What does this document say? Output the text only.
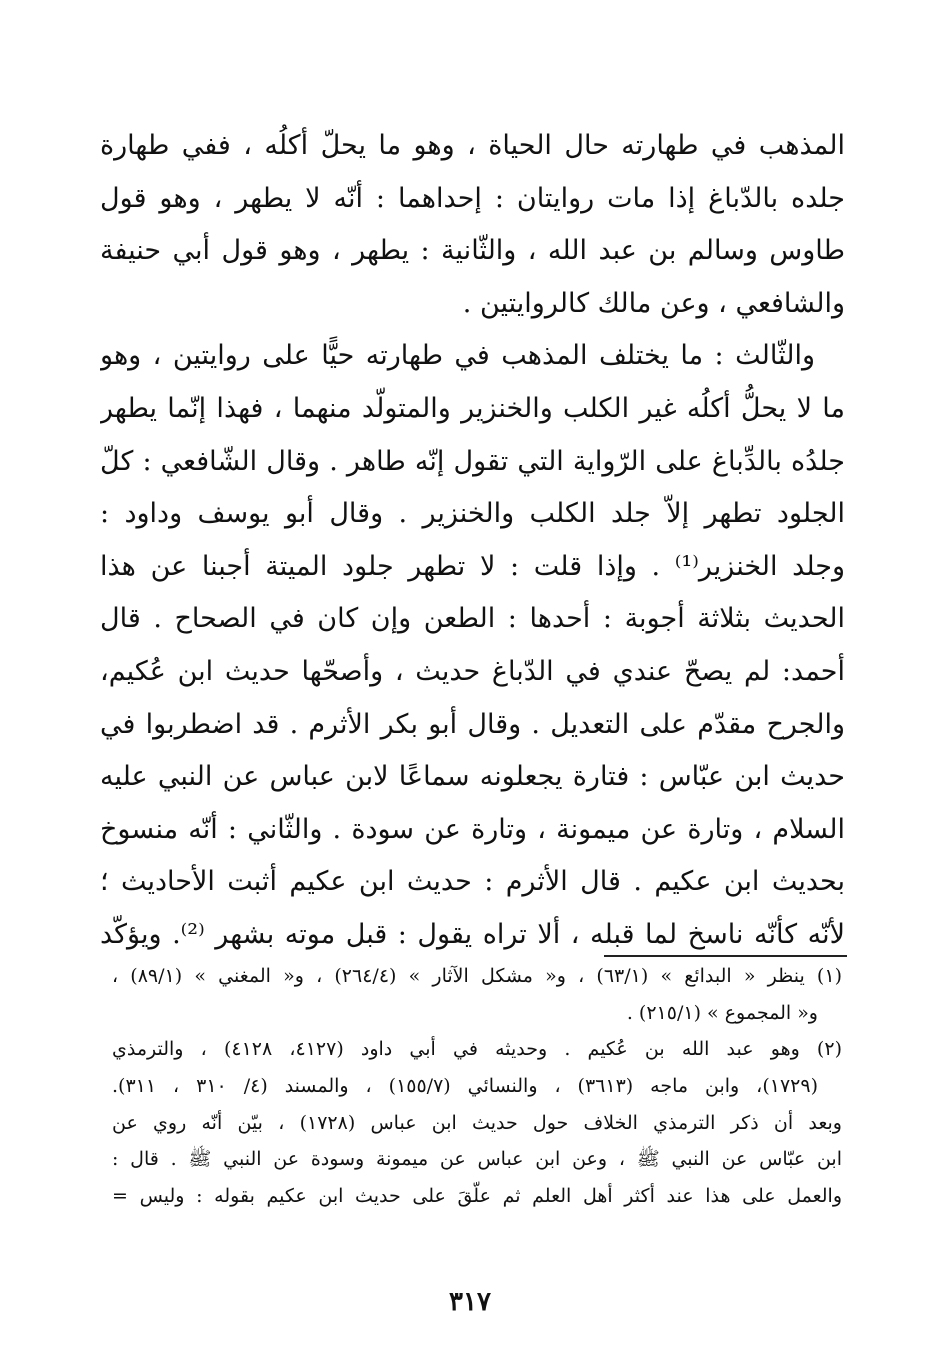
المذهب في طهارته حال الحياة ، وهو ما يحلّ أكلُه ، ففي طهارة
جلده بالدّباغ إذا مات روايتان : إحداهما : أنّه لا يطهر ، وهو قول
طاوس وسالم بن عبد الله ، والثّانية : يطهر ، وهو قول أبي حنيفة
والشافعي ، وعن مالك كالروايتين .
والثّالث : ما يختلف المذهب في طهارته حيًّا على روايتين ، وهو
ما لا يحلُّ أكلُه غير الكلب والخنزير والمتولّد منهما ، فهذا إنّما يطهر
جلدُه بالدِّباغ على الرّواية التي تقول إنّه طاهر . وقال الشّافعي : كلّ
الجلود تطهر إلاّ جلد الكلب والخنزير . وقال أبو يوسف وداود :
وجلد الخنزير⁽¹⁾ . وإذا قلت : لا تطهر جلود الميتة أجبنا عن هذا
الحديث بثلاثة أجوبة : أحدها : الطعن وإن كان في الصحاح . قال
أحمد: لم يصحّ عندي في الدّباغ حديث ، وأصحّها حديث ابن عُكيم،
والجرح مقدّم على التعديل . وقال أبو بكر الأثرم . قد اضطربوا في
حديث ابن عبّاس : فتارة يجعلونه سماعًا لابن عباس عن النبي عليه
السلام ، وتارة عن ميمونة ، وتارة عن سودة . والثّاني : أنّه منسوخ
بحديث ابن عكيم . قال الأثرم : حديث ابن عكيم أثبت الأحاديث ؛
لأنّه كأنّه ناسخ لما قبله ، ألا تراه يقول : قبل موته بشهر ⁽²⁾. ويؤكّد
(١) ينظر « البدائع » (٦٣/١) ، و« مشكل الآثار » (٢٦٤/٤) ، و« المغني » (٨٩/١) ،
و« المجموع » (٢١٥/١) .
(٢) وهو عبد الله بن عُكيم . وحديثه في أبي داود (٤١٢٧، ٤١٢٨) ، والترمذي
(١٧٢٩)، وابن ماجه (٣٦١٣) ، والنسائي (١٥٥/٧) ، والمسند (٤/ ٣١٠ ، ٣١١).
وبعد أن ذكر الترمذي الخلاف حول حديث ابن عباس (١٧٢٨) ، بيّن أنّه روي عن
ابن عبّاس عن النبي ﷺ ، وعن ابن عباس عن ميمونة وسودة عن النبي ﷺ . قال :
والعمل على هذا عند أكثر أهل العلم ثم علّقَ على حديث ابن عكيم بقوله : وليس =
٣١٧
